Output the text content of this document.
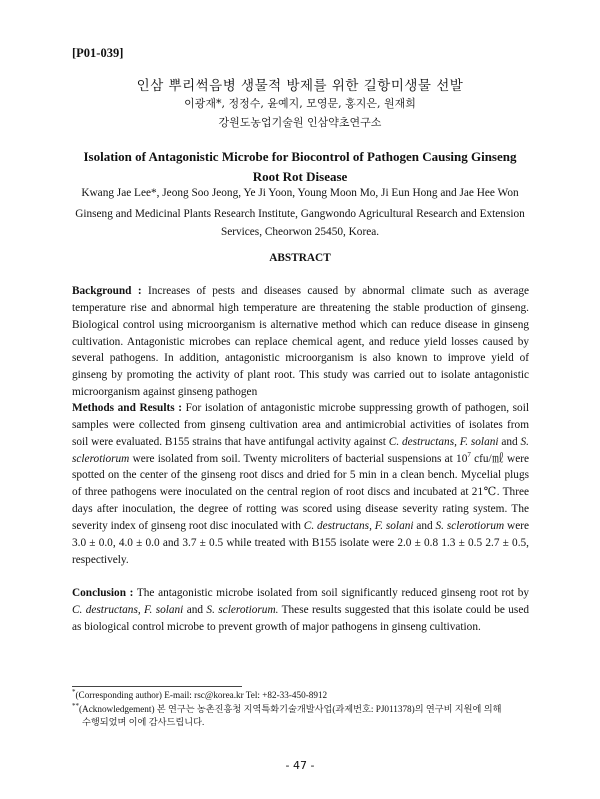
[P01-039]
인삼 뿌리썩음병 생물적 방제를 위한 길항미생물 선발
이광재*, 정정수, 윤예지, 모영문, 홍지은, 원재희
강원도농업기술원 인삼약초연구소
Isolation of Antagonistic Microbe for Biocontrol of Pathogen Causing Ginseng
Root Rot Disease
Kwang Jae Lee*, Jeong Soo Jeong, Ye Ji Yoon, Young Moon Mo, Ji Eun Hong and Jae Hee Won
Ginseng and Medicinal Plants Research Institute, Gangwondo Agricultural Research and Extension Services, Cheorwon 25450, Korea.
ABSTRACT
Background : Increases of pests and diseases caused by abnormal climate such as average temperature rise and abnormal high temperature are threatening the stable production of ginseng. Biological control using microorganism is alternative method which can reduce disease in ginseng cultivation. Antagonistic microbes can replace chemical agent, and reduce yield losses caused by several pathogens. In addition, antagonistic microorganism is also known to improve yield of ginseng by promoting the activity of plant root. This study was carried out to isolate antagonistic microorganism against ginseng pathogen
Methods and Results : For isolation of antagonistic microbe suppressing growth of pathogen, soil samples were collected from ginseng cultivation area and antimicrobial activities of isolates from soil were evaluated. B155 strains that have antifungal activity against C. destructans, F. solani and S. sclerotiorum were isolated from soil. Twenty microliters of bacterial suspensions at $10^7$ cfu/㎖ were spotted on the center of the ginseng root discs and dried for 5 min in a clean bench. Mycelial plugs of three pathogens were inoculated on the central region of root discs and incubated at 21℃. Three days after inoculation, the degree of rotting was scored using disease severity rating system. The severity index of ginseng root disc inoculated with C. destructans, F. solani and S. sclerotiorum were 3.0 ± 0.0, 4.0 ± 0.0 and 3.7 ± 0.5 while treated with B155 isolate were 2.0 ± 0.8 1.3 ± 0.5 2.7 ± 0.5, respectively.
Conclusion : The antagonistic microbe isolated from soil significantly reduced ginseng root rot by C. destructans, F. solani and S. sclerotiorum. These results suggested that this isolate could be used as biological control microbe to prevent growth of major pathogens in ginseng cultivation.
*(Corresponding author) E-mail: rsc@korea.kr Tel: +82-33-450-8912
**(Acknowledgement) 본 연구는 농촌진흥청 지역특화기술개발사업(과제번호: PJ011378)의 연구비 지원에 의해
수행되었며 이에 감사드립니다.
- 47 -
